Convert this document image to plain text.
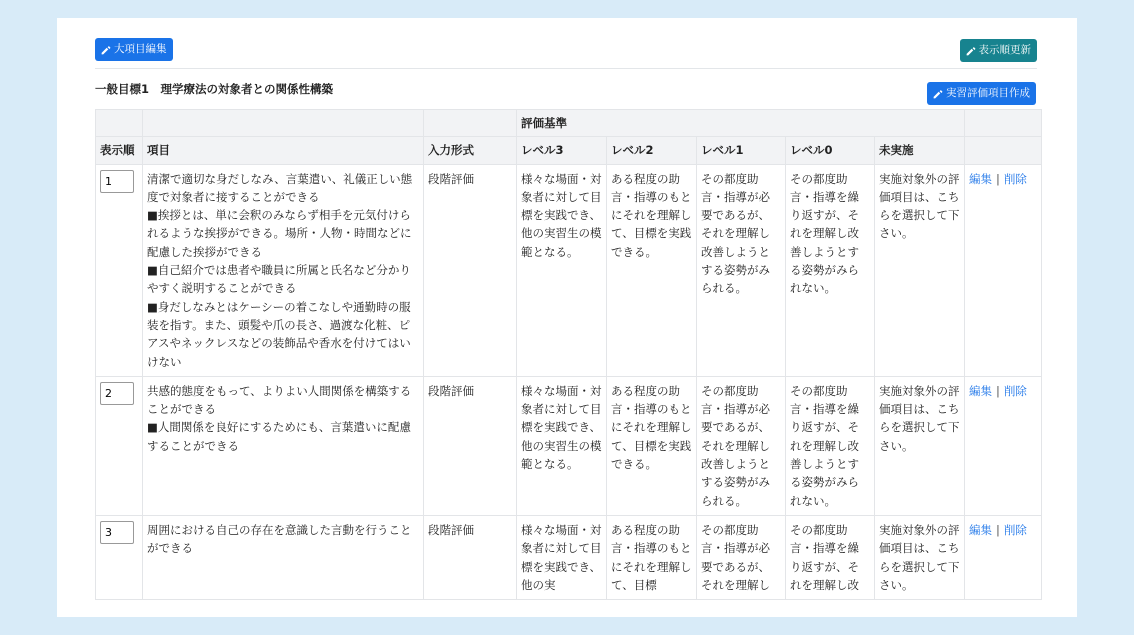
大項目編集	表示順更新
一般目標1　理学療法の対象者との関係性構築	実習評価項目作成
			評価基準					
表示順	項目	入力形式	レベル3	レベル2	レベル1	レベル0	未実施	
1	清潔で適切な身だしなみ、言葉遣い、礼儀正しい態度で対象者に接することができる
■挨拶とは、単に会釈のみならず相手を元気付けられるような挨拶ができる。場所・人物・時間などに配慮した挨拶ができる
■自己紹介では患者や職員に所属と氏名など分かりやすく説明することができる
■身だしなみとはケーシーの着こなしや通勤時の服装を指す。また、頭髪や爪の長さ、過渡な化粧、ピアスやネックレスなどの装飾品や香水を付けてはいけない	段階評価	様々な場面・対象者に対して目標を実践でき、他の実習生の模範となる。	ある程度の助言・指導のもとにそれを理解して、目標を実践できる。	その都度助言・指導が必要であるが、それを理解し改善しようとする姿勢がみられる。	その都度助言・指導を繰り返すが、それを理解し改善しようとする姿勢がみられない。	実施対象外の評価項目は、こちらを選択して下さい。	編集 | 削除
2	共感的態度をもって、よりよい人間関係を構築することができる
■人間関係を良好にするためにも、言葉遣いに配慮することができる	段階評価	様々な場面・対象者に対して目標を実践でき、他の実習生の模範となる。	ある程度の助言・指導のもとにそれを理解して、目標を実践できる。	その都度助言・指導が必要であるが、それを理解し改善しようとする姿勢がみられる。	その都度助言・指導を繰り返すが、それを理解し改善しようとする姿勢がみられない。	実施対象外の評価項目は、こちらを選択して下さい。	編集 | 削除
3	周囲における自己の存在を意識した言動を行うことができる	段階評価	様々な場面・対象者に対して目標を実践でき、他の実	ある程度の助言・指導のもとにそれを理解して、目標	その都度助言・指導が必要であるが、それを理解し	その都度助言・指導を繰り返すが、それを理解し改	実施対象外の評価項目は、こちらを選択して下さい。	編集 | 削除
